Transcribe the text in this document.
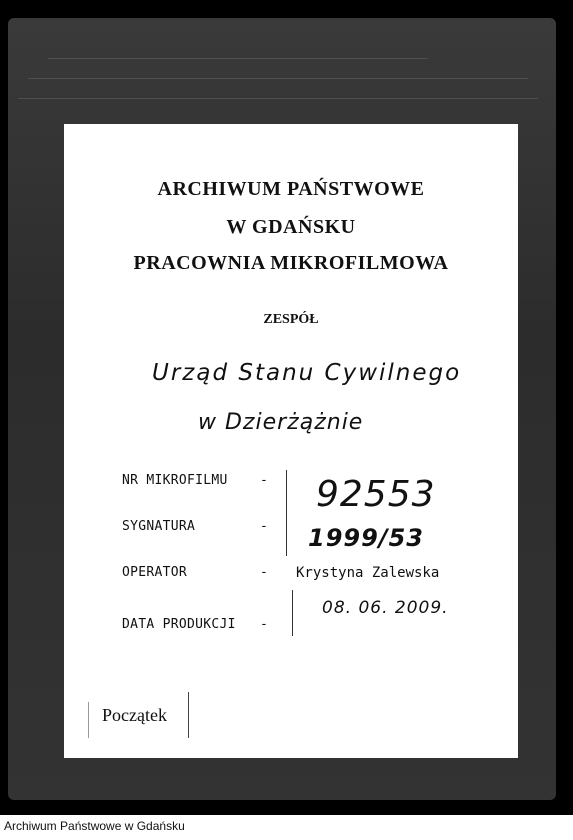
ARCHIWUM PAŃSTWOWE
W GDAŃSKU
PRACOWNIA MIKROFILMOWA
ZESPÓŁ
Urząd Stanu Cywilnego
w Dzierżążnie
NR MIKROFILMU - 92553
SYGNATURA	- 1999/53
OPERATOR	- Krystyna Zalewska
DATA PRODUKCJI -
08. 06. 2009.
Początek
Archiwum Państwowe w Gdańsku
